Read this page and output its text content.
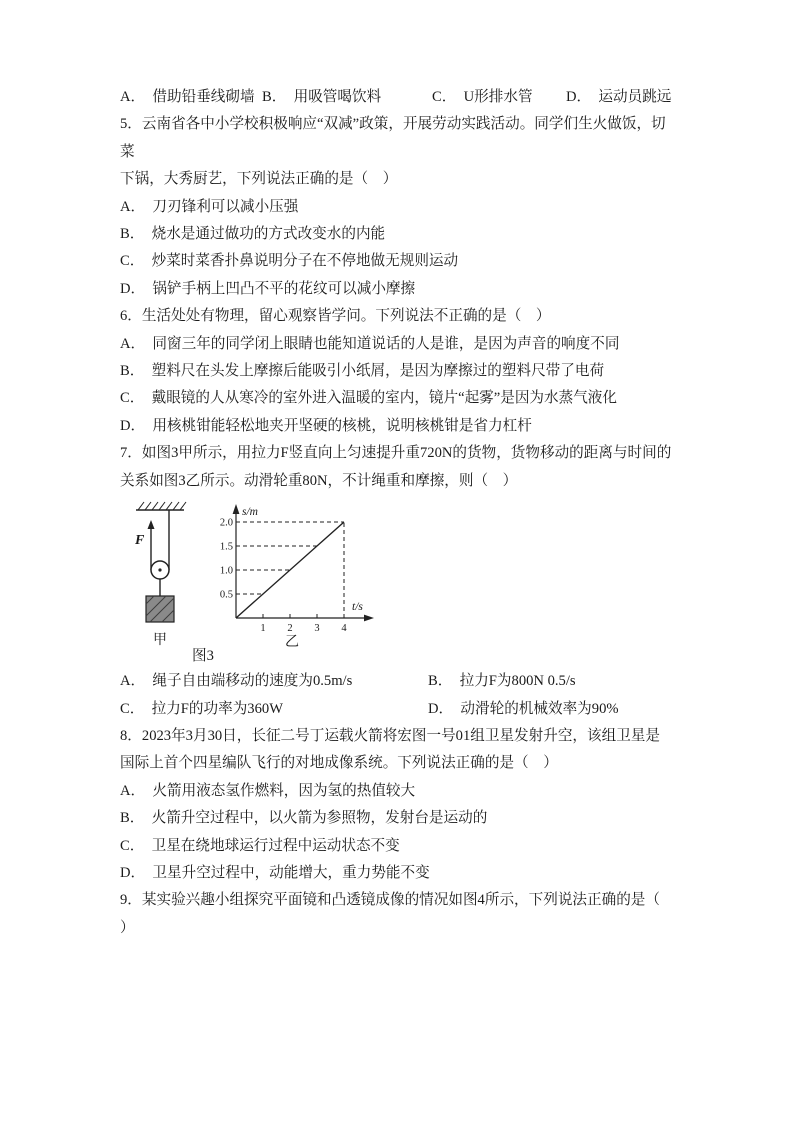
A．  借助铅垂线砌墙 B．  用吸管喝饮料	C．  U形排水管	D．  运动员跳远

5．云南省各中小学校积极响应“双减”政策，开展劳动实践活动。同学们生火做饭，切菜

下锅，大秀厨艺，下列说法正确的是（    ）

A．  刀刃锋利可以减小压强

B．  烧水是通过做功的方式改变水的内能

C．  炒菜时菜香扑鼻说明分子在不停地做无规则运动

D．  锅铲手柄上凹凸不平的花纹可以减小摩擦

6．生活处处有物理，留心观察皆学问。下列说法不正确的是（    ）

A．  同窗三年的同学闭上眼睛也能知道说话的人是谁，是因为声音的响度不同

B．  塑料尺在头发上摩擦后能吸引小纸屑，是因为摩擦过的塑料尺带了电荷

C．  戴眼镜的人从寒冷的室外进入温暖的室内，镜片“起雾”是因为水蒸气液化

D．  用核桃钳能轻松地夹开坚硬的核桃，说明核桃钳是省力杠杆

7．如图3甲所示，用拉力F竖直向上匀速提升重720N的货物，货物移动的距离与时间的

关系如图3乙所示。动滑轮重80N，不计绳重和摩擦，则（    ）

F
甲
s/m
t/s
2.0
1.5
1.0
0.5
1 2 3 4
乙
图3
A．  绳子自由端移动的速度为0.5m/s	B．  拉力F为800N 0.5/s
C．  拉力F的功率为360W	D．  动滑轮的机械效率为90%

8．2023年3月30日，长征二号丁运载火箭将宏图一号01组卫星发射升空，该组卫星是

国际上首个四星编队飞行的对地成像系统。下列说法正确的是（    ）

A．  火箭用液态氢作燃料，因为氢的热值较大

B．  火箭升空过程中，以火箭为参照物，发射台是运动的

C．  卫星在绕地球运行过程中运动状态不变

D．  卫星升空过程中，动能增大，重力势能不变

9．某实验兴趣小组探究平面镜和凸透镜成像的情况如图4所示，下列说法正确的是（

）
